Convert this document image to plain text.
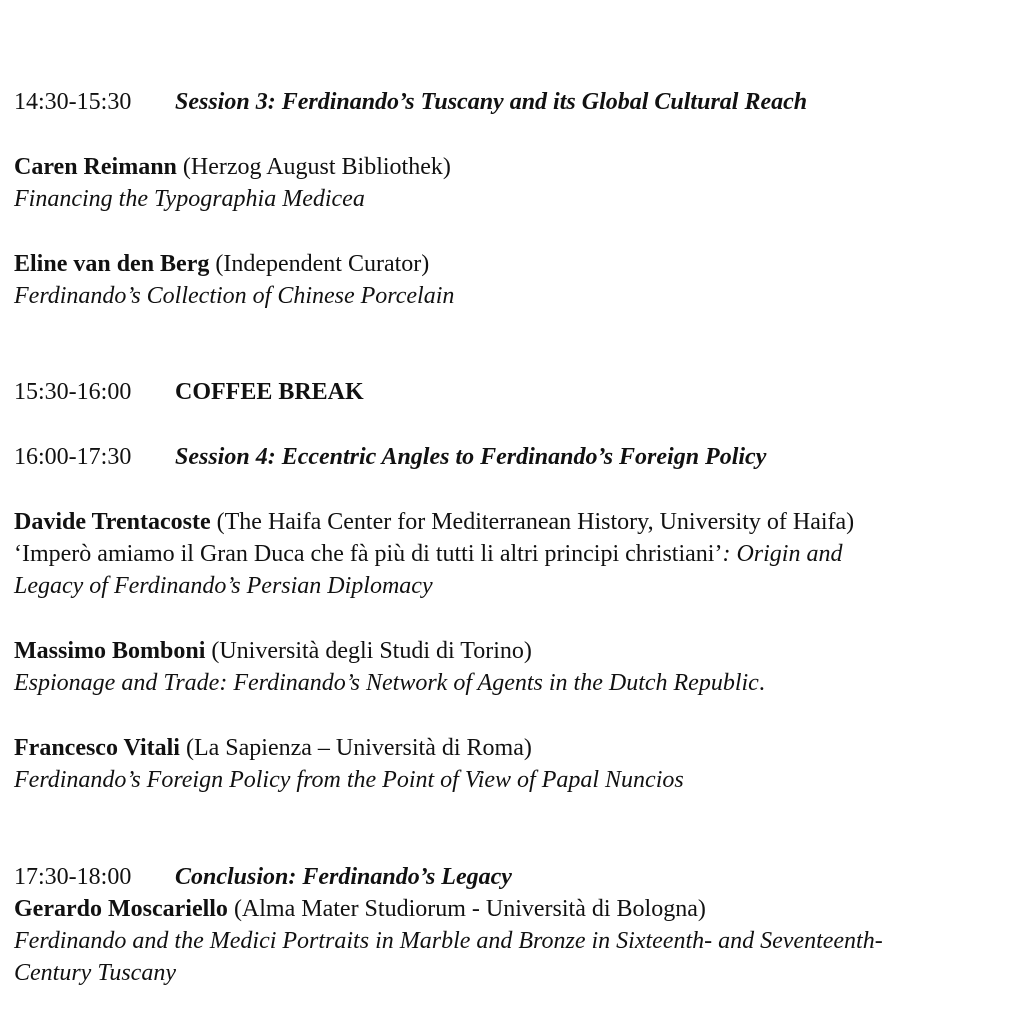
14:30-15:30 Session 3: Ferdinando’s Tuscany and its Global Cultural Reach
Caren Reimann (Herzog August Bibliothek)
Financing the Typographia Medicea
Eline van den Berg (Independent Curator)
Ferdinando’s Collection of Chinese Porcelain
15:30-16:00 COFFEE BREAK
16:00-17:30 Session 4: Eccentric Angles to Ferdinando’s Foreign Policy
Davide Trentacoste (The Haifa Center for Mediterranean History, University of Haifa)
‘Imperò amiamo il Gran Duca che fà più di tutti li altri principi christiani’: Origin and
Legacy of Ferdinando’s Persian Diplomacy
Massimo Bomboni (Università degli Studi di Torino)
Espionage and Trade: Ferdinando’s Network of Agents in the Dutch Republic.
Francesco Vitali (La Sapienza – Università di Roma)
Ferdinando’s Foreign Policy from the Point of View of Papal Nuncios
17:30-18:00 Conclusion: Ferdinando’s Legacy
Gerardo Moscariello (Alma Mater Studiorum - Università di Bologna)
Ferdinando and the Medici Portraits in Marble and Bronze in Sixteenth- and Seventeenth-
Century Tuscany
